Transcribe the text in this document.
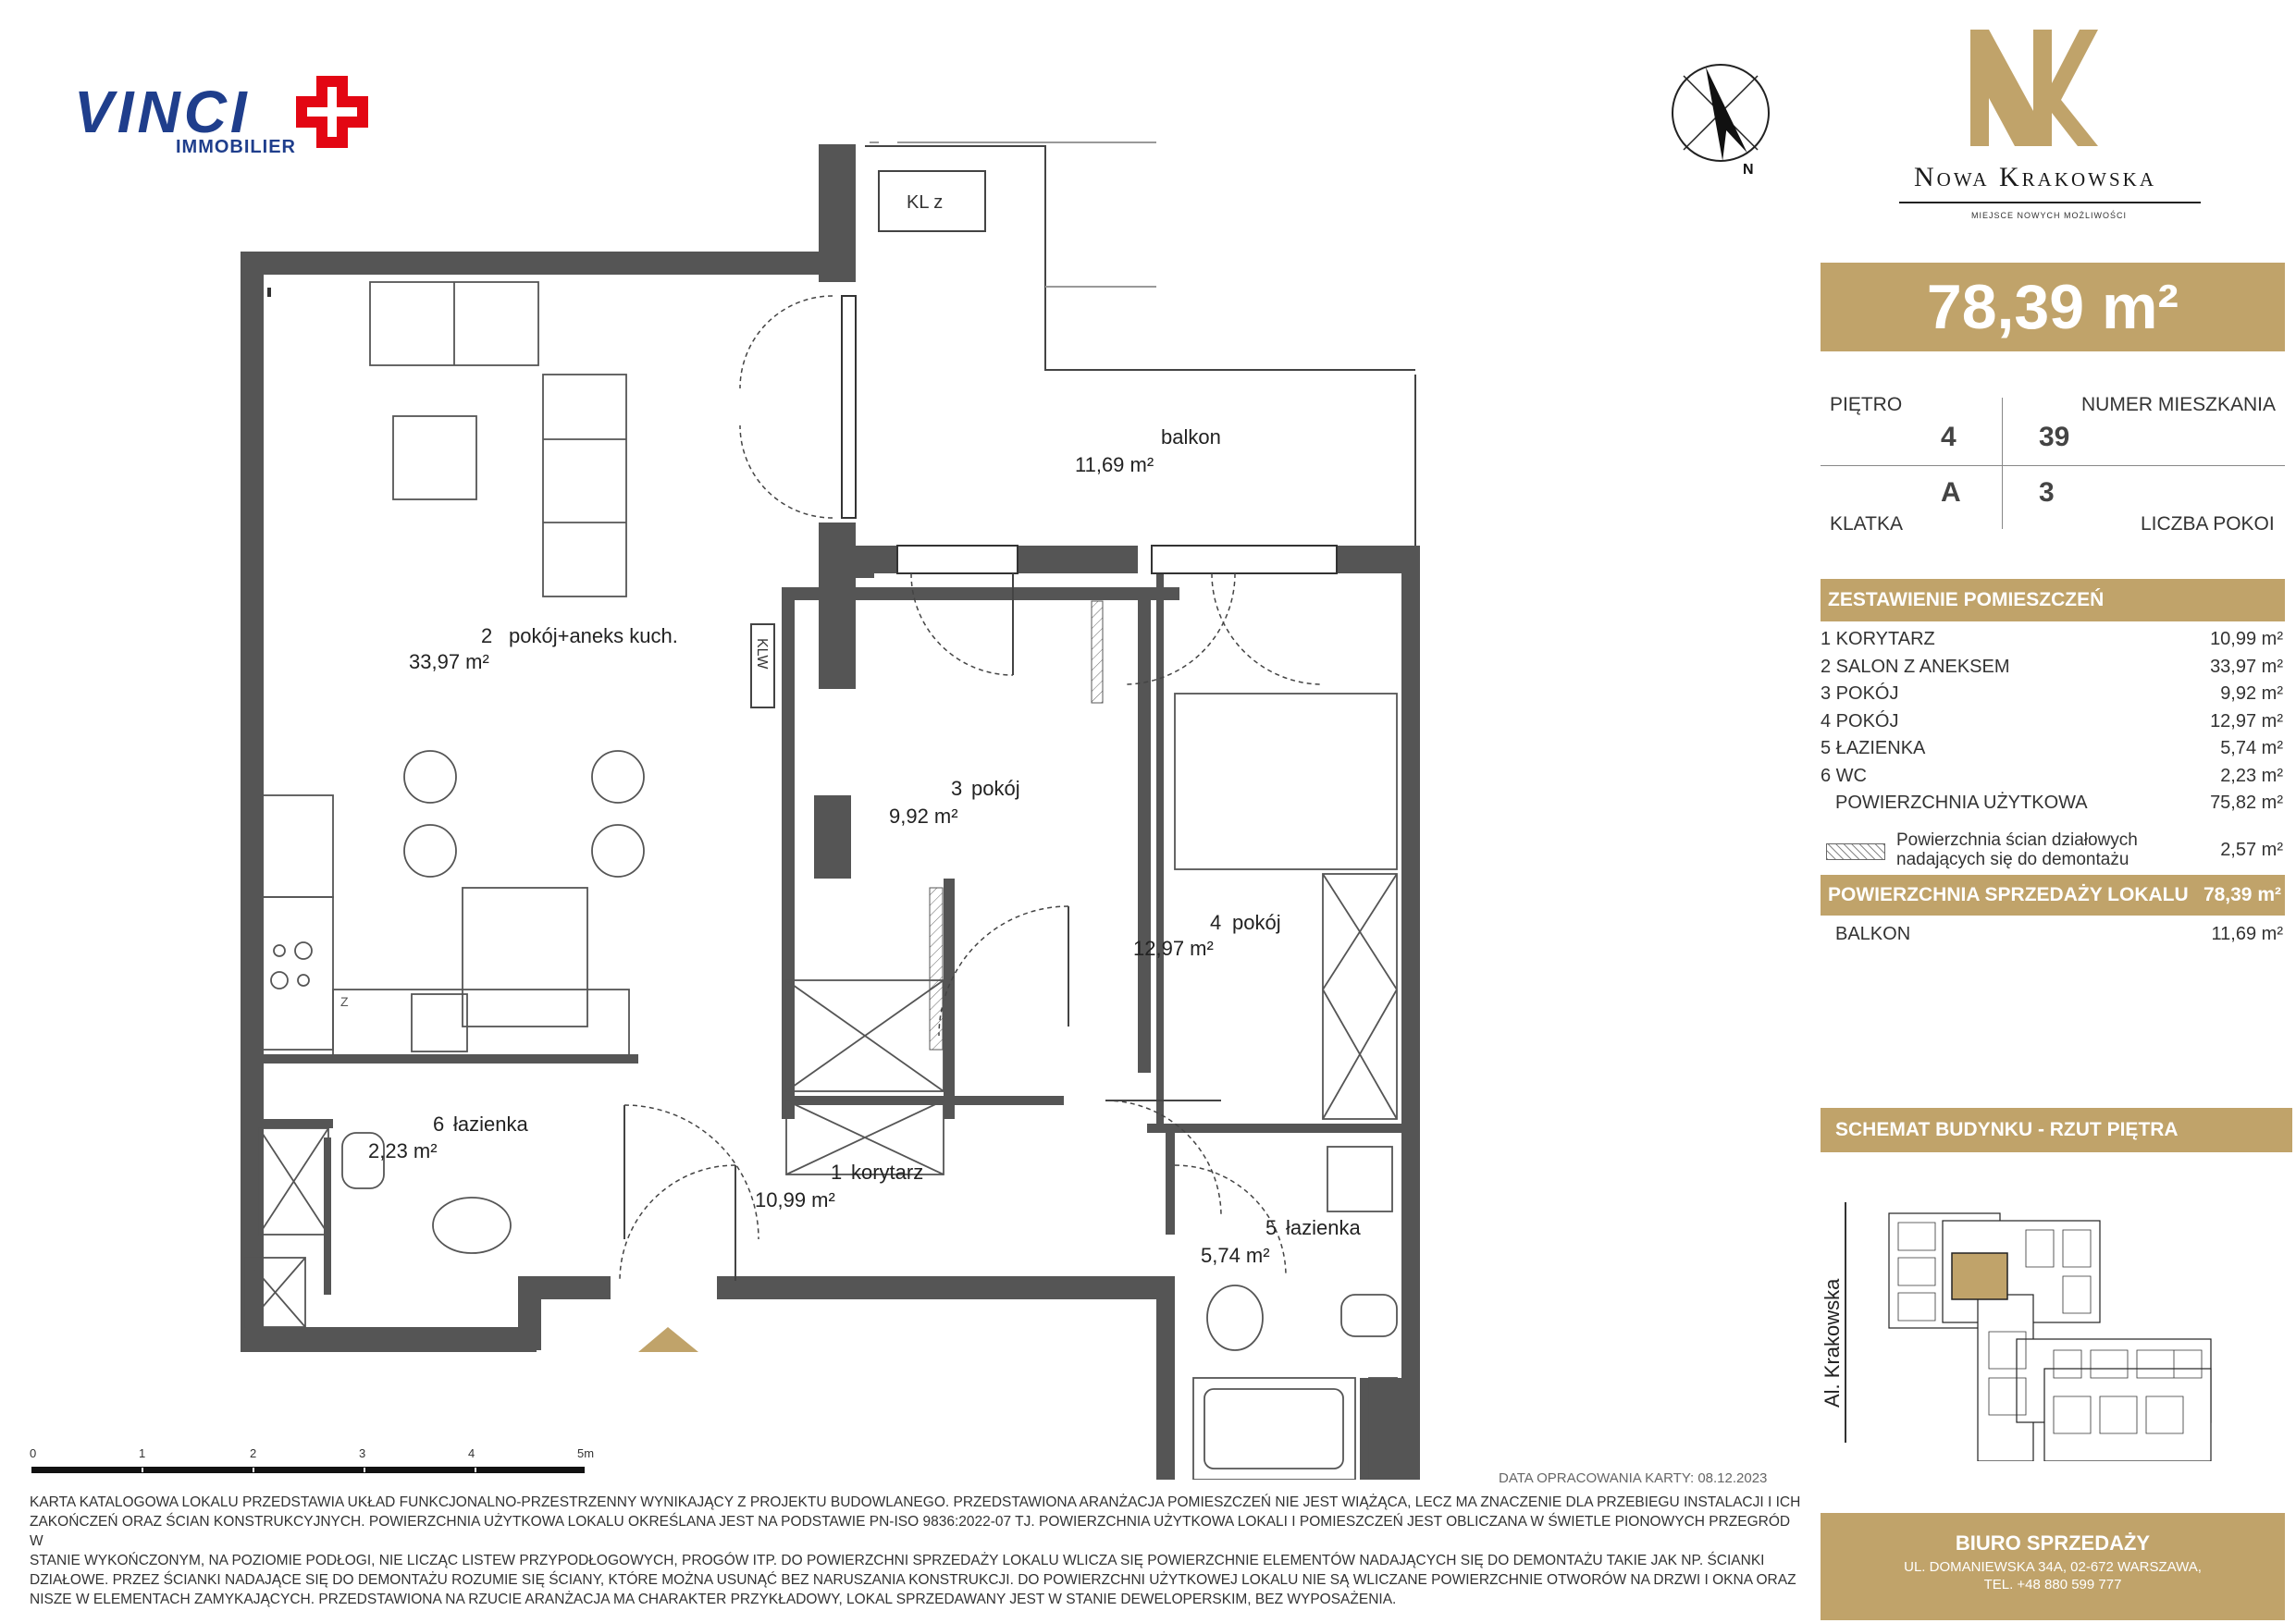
VINCI
IMMOBILIER
N	Nowa Krakowska
MIEJSCE NOWYCH MOŻLIWOŚCI
78,39 m²
PIĘTRO
4
NUMER MIESZKANIA
39
A	3
KLATKA	LICZBA POKOI
ZESTAWIENIE POMIESZCZEŃ
1 KORYTARZ	10,99 m²
2 SALON Z ANEKSEM	33,97 m²
3 POKÓJ	9,92 m²
4 POKÓJ	12,97 m²
5 ŁAZIENKA	5,74 m²
6 WC	2,23 m²
POWIERZCHNIA UŻYTKOWA	75,82 m²
Powierzchnia ścian działowych nadających się do demontażu	2,57 m²
POWIERZCHNIA SPRZEDAŻY LOKALU 78,39 m²
BALKON	11,69 m²
SCHEMAT BUDYNKU - RZUT PIĘTRA
Al. Krakowska
KL z
KLW
Z
balkon
11,69 m²
2 pokój+aneks kuch.
33,97 m²
3 pokój
9,92 m²
4 pokój
12,97 m²
6 łazienka
2,23 m²
1 korytarz
10,99 m²
5 łazienka
5,74 m²
0	1	2	3	4	5m
DATA OPRACOWANIA KARTY: 08.12.2023
KARTA KATALOGOWA LOKALU PRZEDSTAWIA UKŁAD FUNKCJONALNO-PRZESTRZENNY WYNIKAJĄCY Z PROJEKTU BUDOWLANEGO. PRZEDSTAWIONA ARANŻACJA POMIESZCZEŃ NIE JEST WIĄŻĄCA, LECZ MA ZNACZENIE DLA PRZEBIEGU INSTALACJI I ICH
ZAKOŃCZEŃ ORAZ ŚCIAN KONSTRUKCYJNYCH. POWIERZCHNIA UŻYTKOWA LOKALU OKREŚLANA JEST NA PODSTAWIE PN-ISO 9836:2022-07 TJ. POWIERZCHNIA UŻYTKOWA LOKALI I POMIESZCZEŃ JEST OBLICZANA W ŚWIETLE PIONOWYCH PRZEGRÓD W
STANIE WYKOŃCZONYM, NA POZIOMIE PODŁOGI, NIE LICZĄC LISTEW PRZYPODŁOGOWYCH, PROGÓW ITP. DO POWIERZCHNI SPRZEDAŻY LOKALU WLICZA SIĘ POWIERZCHNIE ELEMENTÓW NADAJĄCYCH SIĘ DO DEMONTAŻU TAKIE JAK NP. ŚCIANKI
DZIAŁOWE. PRZEZ ŚCIANKI NADAJĄCE SIĘ DO DEMONTAŻU ROZUMIE SIĘ ŚCIANY, KTÓRE MOŻNA USUNĄĆ BEZ NARUSZANIA KONSTRUKCJI. DO POWIERZCHNI UŻYTKOWEJ LOKALU NIE SĄ WLICZANE POWIERZCHNIE OTWORÓW NA DRZWI I OKNA ORAZ
NISZE W ELEMENTACH ZAMYKAJĄCYCH. PRZEDSTAWIONA NA RZUCIE ARANŻACJA MA CHARAKTER PRZYKŁADOWY, LOKAL SPRZEDAWANY JEST W STANIE DEWELOPERSKIM, BEZ WYPOSAŻENIA.
BIURO SPRZEDAŻY
UL. DOMANIEWSKA 34A, 02-672 WARSZAWA,
TEL. +48 880 599 777
